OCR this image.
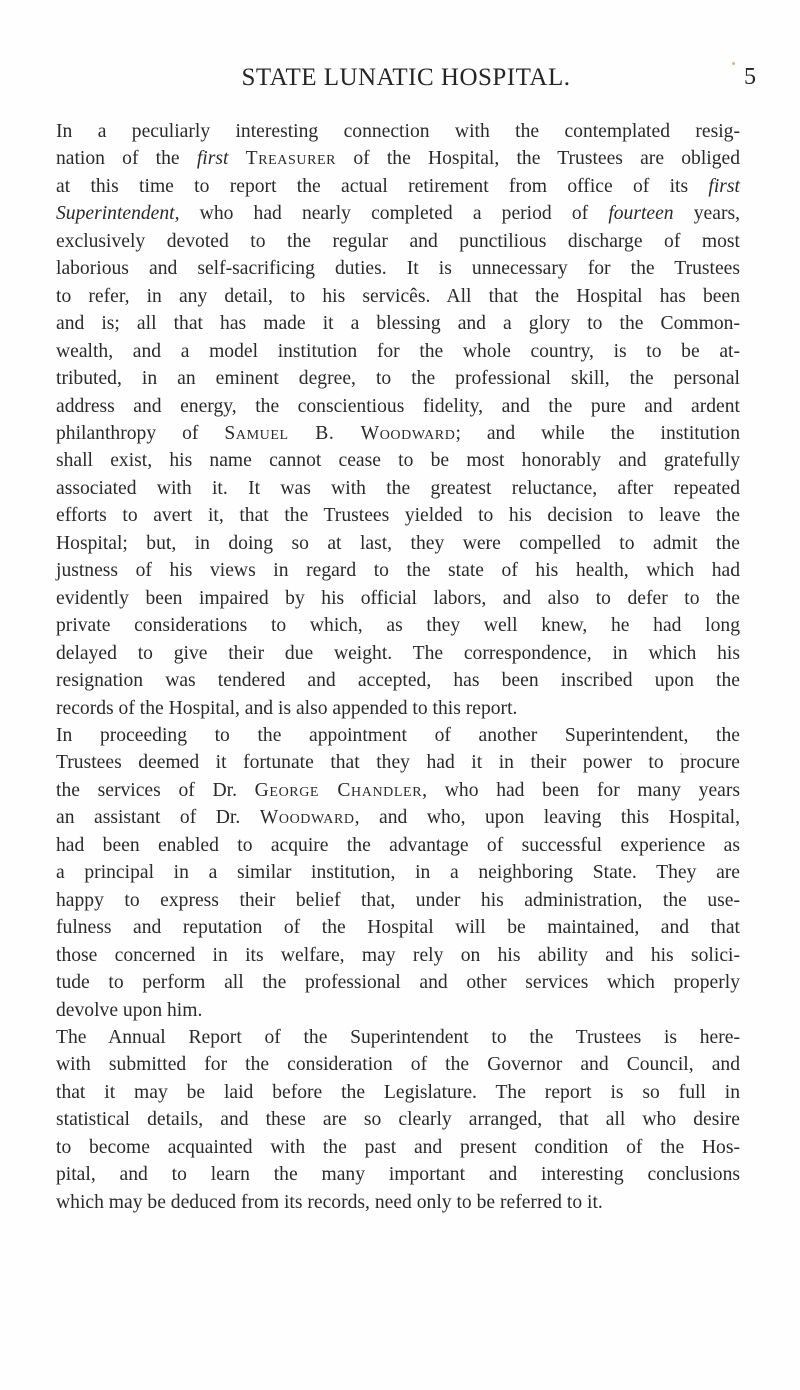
STATE LUNATIC HOSPITAL.	5
In a peculiarly interesting connection with the contemplated resig-
nation of the first Treasurer of the Hospital, the Trustees are obliged
at this time to report the actual retirement from office of its first
Superintendent, who had nearly completed a period of fourteen years,
exclusively devoted to the regular and punctilious discharge of most
laborious and self-sacrificing duties. It is unnecessary for the Trustees
to refer, in any detail, to his servicês. All that the Hospital has been
and is; all that has made it a blessing and a glory to the Common-
wealth, and a model institution for the whole country, is to be at-
tributed, in an eminent degree, to the professional skill, the personal
address and energy, the conscientious fidelity, and the pure and ardent
philanthropy of Samuel B. Woodward; and while the institution
shall exist, his name cannot cease to be most honorably and gratefully
associated with it. It was with the greatest reluctance, after repeated
efforts to avert it, that the Trustees yielded to his decision to leave the
Hospital; but, in doing so at last, they were compelled to admit the
justness of his views in regard to the state of his health, which had
evidently been impaired by his official labors, and also to defer to the
private considerations to which, as they well knew, he had long
delayed to give their due weight. The correspondence, in which his
resignation was tendered and accepted, has been inscribed upon the
records of the Hospital, and is also appended to this report.
In proceeding to the appointment of another Superintendent, the
Trustees deemed it fortunate that they had it in their power to procure
the services of Dr. George Chandler, who had been for many years
an assistant of Dr. Woodward, and who, upon leaving this Hospital,
had been enabled to acquire the advantage of successful experience as
a principal in a similar institution, in a neighboring State. They are
happy to express their belief that, under his administration, the use-
fulness and reputation of the Hospital will be maintained, and that
those concerned in its welfare, may rely on his ability and his solici-
tude to perform all the professional and other services which properly
devolve upon him.
The Annual Report of the Superintendent to the Trustees is here-
with submitted for the consideration of the Governor and Council, and
that it may be laid before the Legislature. The report is so full in
statistical details, and these are so clearly arranged, that all who desire
to become acquainted with the past and present condition of the Hos-
pital, and to learn the many important and interesting conclusions
which may be deduced from its records, need only to be referred to it.
